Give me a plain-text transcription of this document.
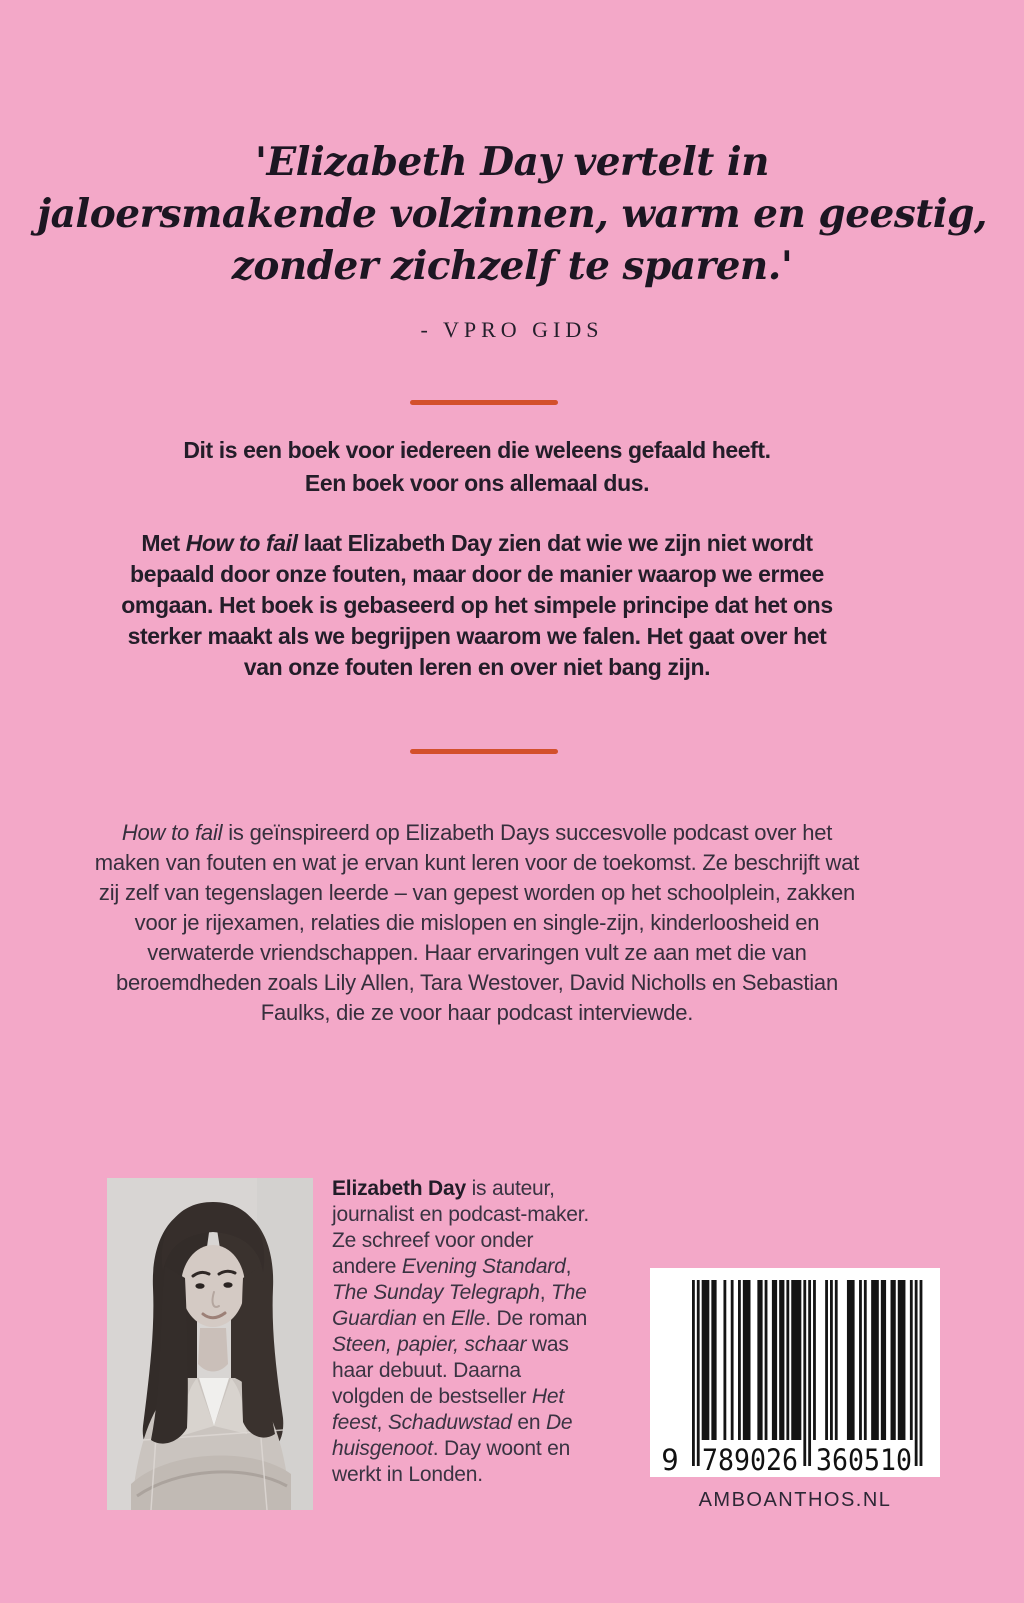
'Elizabeth Day vertelt in
jaloersmakende volzinnen, warm en geestig,
zonder zichzelf te sparen.'
- VPRO GIDS

Dit is een boek voor iedereen die weleens gefaald heeft.
Een boek voor ons allemaal dus.

Met How to fail laat Elizabeth Day zien dat wie we zijn niet wordt bepaald door onze fouten, maar door de manier waarop we ermee omgaan. Het boek is gebaseerd op het simpele principe dat het ons sterker maakt als we begrijpen waarom we falen. Het gaat over het van onze fouten leren en over niet bang zijn.

How to fail is geïnspireerd op Elizabeth Days succesvolle podcast over het maken van fouten en wat je ervan kunt leren voor de toekomst. Ze beschrijft wat zij zelf van tegenslagen leerde – van gepest worden op het schoolplein, zakken voor je rijexamen, relaties die mislopen en single-zijn, kinderloosheid en verwaterde vriendschappen. Haar ervaringen vult ze aan met die van beroemdheden zoals Lily Allen, Tara Westover, David Nicholls en Sebastian Faulks, die ze voor haar podcast interviewde.

Elizabeth Day is auteur, journalist en podcast-maker. Ze schreef voor onder andere Evening Standard, The Sunday Telegraph, The Guardian en Elle. De roman Steen, papier, schaar was haar debuut. Daarna volgden de bestseller Het feest, Schaduwstad en De huisgenoot. Day woont en werkt in Londen.	9 789026 360510
AMBOANTHOS.NL
